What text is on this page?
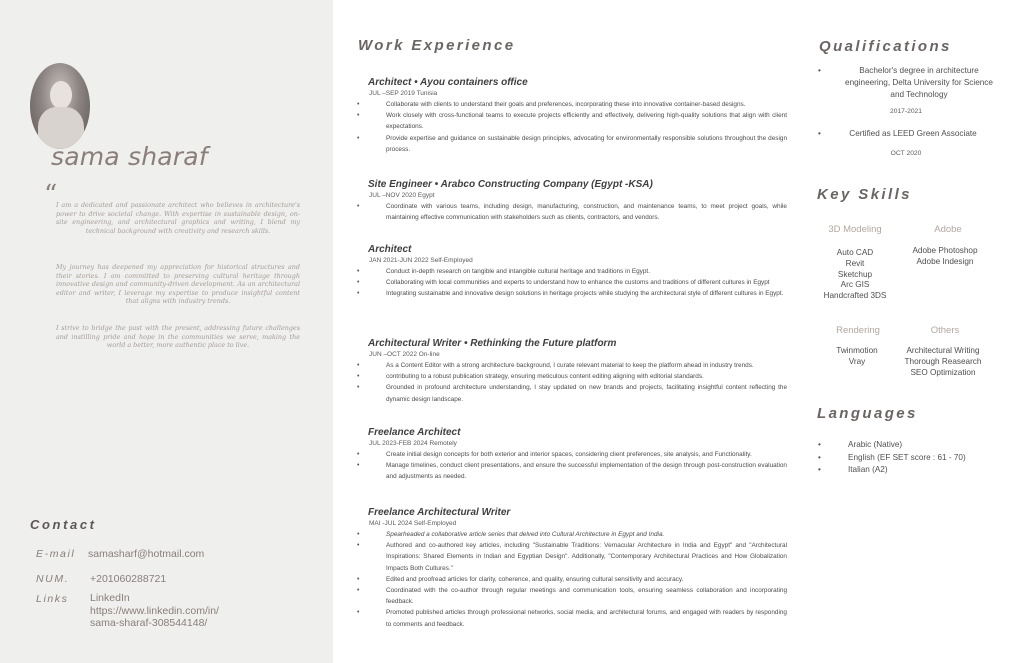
sama sharaf
“

I am a dedicated and passionate architect who believes in architecture's power to drive societal change. With expertise in sustainable design, on-site engineering, and architectural graphics and writing, I blend my technical background with creativity and research skills.

My journey has deepened my appreciation for historical structures and their stories. I am committed to preserving cultural heritage through innovative design and community-driven development. As an architectural editor and writer, I leverage my expertise to produce insightful content that aligns with industry trends.

I strive to bridge the past with the present, addressing future challenges and instilling pride and hope in the communities we serve, making the world a better, more authentic place to live.

Contact
E-mail samasharf@hotmail.com
NUM. +201060288721
Links LinkedIn
https://www.linkedin.com/in/
sama-sharaf-308544148/
Work Experience
Architect • Ayou containers office
JUL –SEP 2019 Tunisia
• Collaborate with clients to understand their goals and preferences, incorporating these into innovative container-based designs.
• Work closely with cross-functional teams to execute projects efficiently and effectively, delivering high-quality solutions that align with client expectations.
• Provide expertise and guidance on sustainable design principles, advocating for environmentally responsible solutions throughout the design process.
Site Engineer • Arabco Constructing Company (Egypt -KSA)
JUL –NOV 2020 Egypt
• Coordinate with various teams, including design, manufacturing, construction, and maintenance teams, to meet project goals, while maintaining effective communication with stakeholders such as clients, contractors, and vendors.
Architect
JAN 2021-JUN 2022 Self-Employed
• Conduct in-depth research on tangible and intangible cultural heritage and traditions in Egypt.
• Collaborating with local communities and experts to understand how to enhance the customs and traditions of different cultures in Egypt
• Integrating sustainable and innovative design solutions in heritage projects while studying the architectural style of different cultures in Egypt.
Architectural Writer • Rethinking the Future platform
JUN –OCT 2022 On-line
• As a Content Editor with a strong architecture background, I curate relevant material to keep the platform ahead in industry trends.
• contributing to a robust publication strategy, ensuring meticulous content editing aligning with editorial standards.
• Grounded in profound architecture understanding, I stay updated on new brands and projects, facilitating insightful content reflecting the dynamic design landscape.
Freelance Architect
JUL 2023-FEB 2024 Remotely
• Create initial design concepts for both exterior and interior spaces, considering client preferences, site analysis, and Functionality.
• Manage timelines, conduct client presentations, and ensure the successful implementation of the design through post-construction evaluation and adjustments as needed.
Freelance Architectural Writer
MAI -JUL 2024 Self-Employed
• Spearheaded a collaborative article series that delved into Cultural Architecture in Egypt and India.
• Authored and co-authored key articles, including "Sustainable Traditions: Vernacular Architecture in India and Egypt" and "Architectural Inspirations: Shared Elements in Indian and Egyptian Design". Additionally, "Contemporary Architectural Practices and How Globalization Impacts Both Cultures."
• Edited and proofread articles for clarity, coherence, and quality, ensuring cultural sensitivity and accuracy.
• Coordinated with the co-author through regular meetings and communication tools, ensuring seamless collaboration and incorporating feedback.
• Promoted published articles through professional networks, social media, and architectural forums, and engaged with readers by responding to comments and feedback.
Qualifications
• Bachelor's degree in architecture engineering, Delta University for Science and Technology
2017-2021
• Certified as LEED Green Associate
OCT 2020
Key Skills
3D Modeling
Auto CAD
Revit
Sketchup
Arc GIS
Handcrafted 3DS
Adobe
Adobe Photoshop
Adobe Indesign
Rendering
Twinmotion
Vray
Others
Architectural Writing
Thorough Reasearch
SEO Optimization
Languages
• Arabic (Native)
• English (EF SET score : 61 - 70)
• Italian (A2)
